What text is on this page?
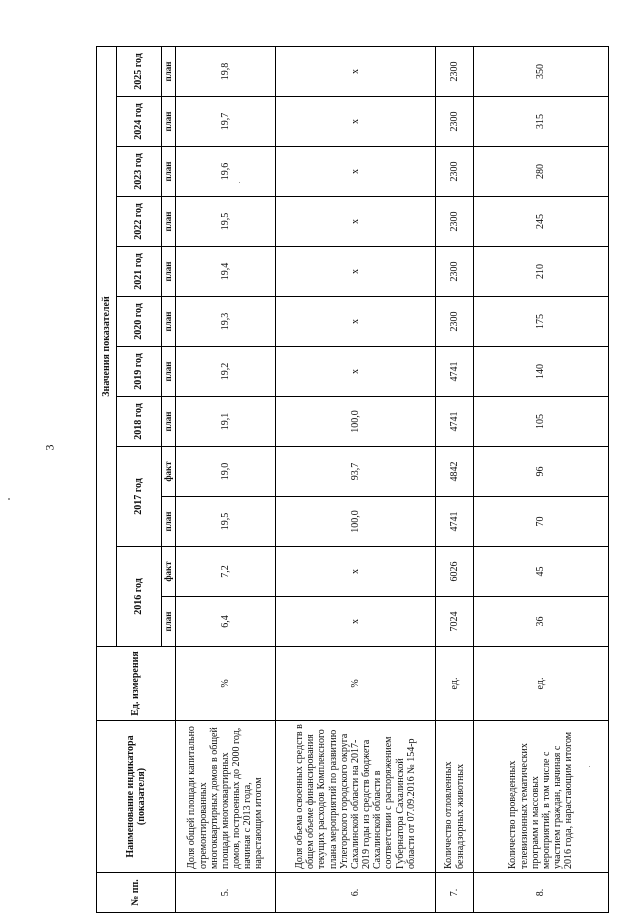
3
№ пп.	Наименование индикатора (показателя)	Ед. измерения	Значения показателей											
			2016 год		2017 год		2018 год	2019 год	2020 год	2021 год	2022 год	2023 год	2024 год	2025 год
			план	факт	план	факт	план	план	план	план	план	план	план	план
5.	Доля общей площади капитально отремонтированных многоквартирных домов в общей площади многоквартирных домов, построенных до 2000 год, начиная с 2013 года, нарастающим итогом	%	6,4	7,2	19,5	19,0	19,1	19,2	19,3	19,4	19,5	19,6	19,7	19,8
6.	Доля объема освоенных средств в общем объеме финансирования текущих расходов Комплексного плана мероприятий по развитию Углегорского городского округа Сахалинской области на 2017-2019 годы из средств бюджета Сахалинской области в соответствии с распоряжением Губернатора Сахалинской области от 07.09.2016 № 154-р	%	х	х	100,0	93,7	100,0	х	х	х	х	х	х	х
7.	Количество отловленных безнадзорных животных	ед.	7024	6026	4741	4842	4741	4741	2300	2300	2300	2300	2300	2300
8.	Количество проведенных телевизионных тематических программ и массовых мероприятий, в том числе с участием граждан, начиная с 2016 года, нарастающим итогом	ед.	36	45	70	96	105	140	175	210	245	280	315	350
